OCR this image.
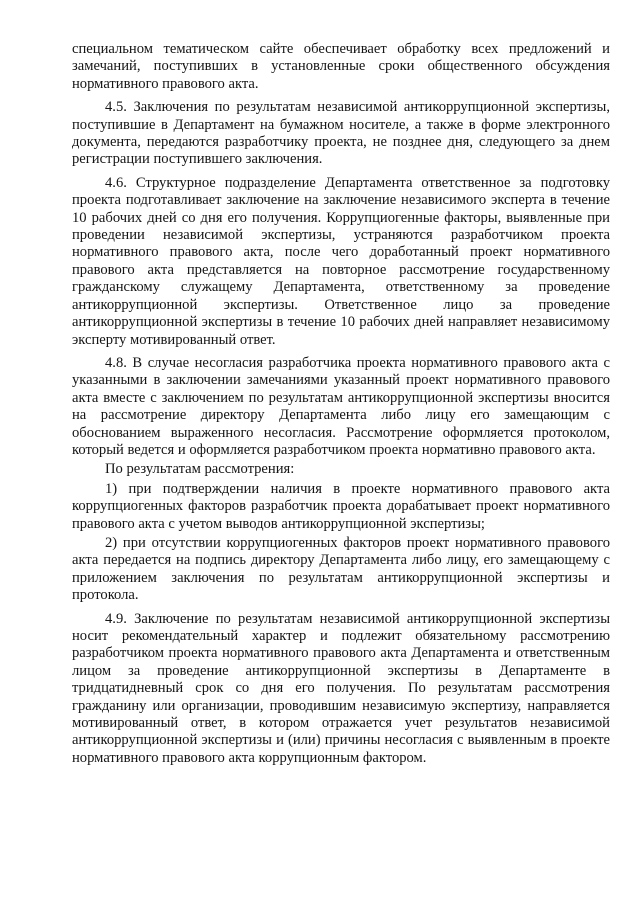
специальном тематическом сайте обеспечивает обработку всех предложений и замечаний, поступивших в установленные сроки общественного обсуждения нормативного правового акта.

4.5. Заключения по результатам независимой антикоррупционной экспертизы, поступившие в Департамент на бумажном носителе, а также в форме электронного документа, передаются разработчику проекта, не позднее дня, следующего за днем регистрации поступившего заключения.

4.6. Структурное подразделение Департамента ответственное за подготовку проекта подготавливает заключение на заключение независимого эксперта в течение 10 рабочих дней со дня его получения. Коррупциогенные факторы, выявленные при проведении независимой экспертизы, устраняются разработчиком проекта нормативного правового акта, после чего доработанный проект нормативного правового акта представляется на повторное рассмотрение государственному гражданскому служащему Департамента, ответственному за проведение антикоррупционной экспертизы. Ответственное лицо за проведение антикоррупционной экспертизы в течение 10 рабочих дней направляет независимому эксперту мотивированный ответ.

4.8. В случае несогласия разработчика проекта нормативного правового акта с указанными в заключении замечаниями указанный проект нормативного правового акта вместе с заключением по результатам антикоррупционной экспертизы вносится на рассмотрение директору Департамента либо лицу его замещающим с обоснованием выраженного несогласия. Рассмотрение оформляется протоколом, который ведется и оформляется разработчиком проекта нормативно правового акта.

По результатам рассмотрения:

1) при подтверждении наличия в проекте нормативного правового акта коррупциогенных факторов разработчик проекта дорабатывает проект нормативного правового акта с учетом выводов антикоррупционной экспертизы;

2) при отсутствии коррупциогенных факторов проект нормативного правового акта передается на подпись директору Департамента либо лицу, его замещающему с приложением заключения по результатам антикоррупционной экспертизы и протокола.

4.9. Заключение по результатам независимой антикоррупционной экспертизы носит рекомендательный характер и подлежит обязательному рассмотрению разработчиком проекта нормативного правового акта Департамента и ответственным лицом за проведение антикоррупционной экспертизы в Департаменте в тридцатидневный срок со дня его получения. По результатам рассмотрения гражданину или организации, проводившим независимую экспертизу, направляется мотивированный ответ, в котором отражается учет результатов независимой антикоррупционной экспертизы и (или) причины несогласия с выявленным в проекте нормативного правового акта коррупционным фактором.
